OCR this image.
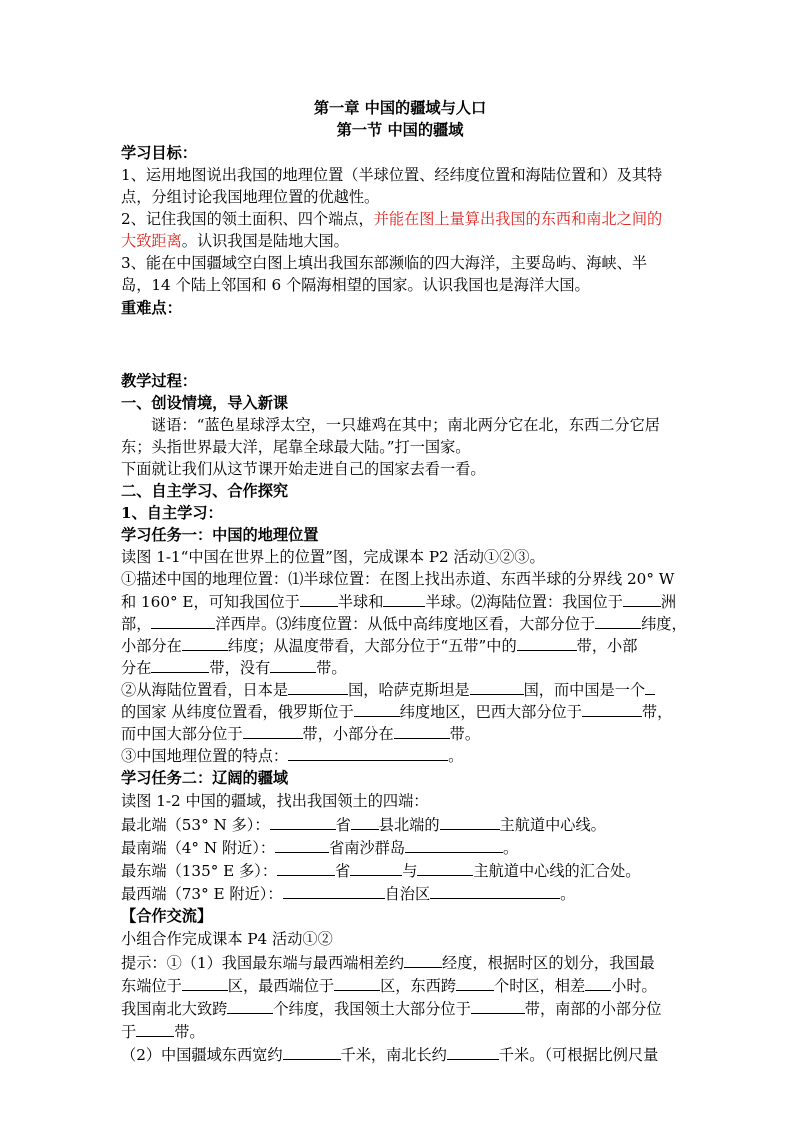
第一章 中国的疆域与人口
第一节 中国的疆域
学习目标：
1、运用地图说出我国的地理位置（半球位置、经纬度位置和海陆位置和）及其特
点，分组讨论我国地理位置的优越性。
2、记住我国的领土面积、四个端点，并能在图上量算出我国的东西和南北之间的
大致距离。认识我国是陆地大国。
3、能在中国疆域空白图上填出我国东部濒临的四大海洋，主要岛屿、海峡、半
岛，14 个陆上邻国和 6 个隔海相望的国家。认识我国也是海洋大国。
重难点：
教学过程：
一、创设情境，导入新课
谜语：“蓝色星球浮太空，一只雄鸡在其中；南北两分它在北，东西二分它居
东；头指世界最大洋，尾靠全球最大陆。”打一国家。
下面就让我们从这节课开始走进自己的国家去看一看。
二、自主学习、合作探究
1、自主学习：
学习任务一：中国的地理位置
读图 1-1“中国在世界上的位置”图，完成课本 P2 活动①②③。
①描述中国的地理位置：⑴半球位置：在图上找出赤道、东西半球的分界线 20° W
和 160° E，可知我国位于	半球和	半球。⑵海陆位置：我国位于	洲
部，	洋西岸。⑶纬度位置：从低中高纬度地区看，大部分位于	纬度，
小部分在	纬度；从温度带看，大部分位于“五带”中的	带，小部
分在	带，没有	带。
②从海陆位置看，日本是	国，哈萨克斯坦是	国，而中国是一个
的国家 从纬度位置看，俄罗斯位于	纬度地区，巴西大部分位于	带，
而中国大部分位于	带，小部分在	带。
③中国地理位置的特点：	。
学习任务二：辽阔的疆域
读图 1-2 中国的疆域，找出我国领土的四端：
最北端（53° N 多）：	省 县北端的	主航道中心线。
最南端（4° N 附近）：	省南沙群岛	。
最东端（135° E 多）：	省	与	主航道中心线的汇合处。
最西端（73° E 附近）：	自治区	。
【合作交流】
小组合作完成课本 P4 活动①②
提示：①（1）我国最东端与最西端相差约	经度，根据时区的划分，我国最
东端位于	区，最西端位于	区，东西跨	个时区，相差 小时。
我国南北大致跨	个纬度，我国领土大部分位于	带，南部的小部分位
于	带。
（2）中国疆域东西宽约	千米，南北长约	千米。（可根据比例尺量
